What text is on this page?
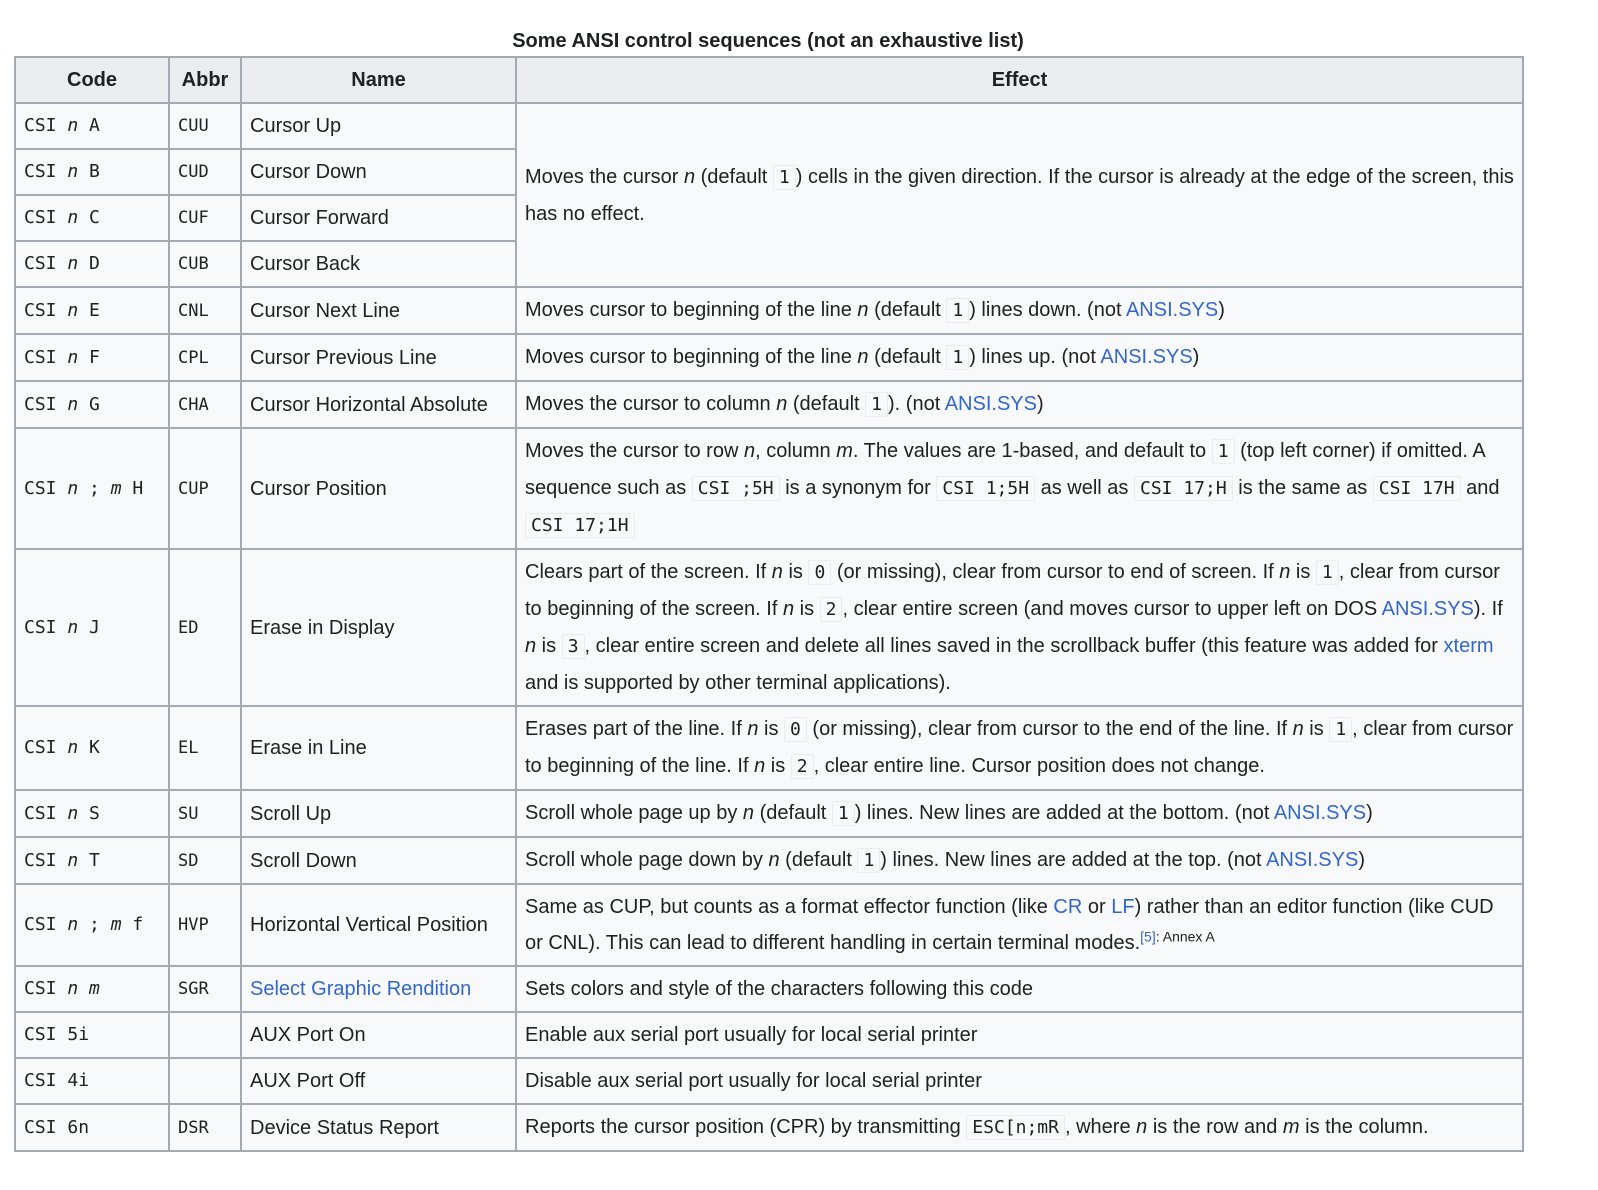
Some ANSI control sequences (not an exhaustive list)
Code	Abbr	Name	Effect
CSI n A	CUU	Cursor Up	Moves the cursor n (default 1 ) cells in the given direction. If the cursor is already at the edge of the screen, this has no effect.
CSI n B	CUD	Cursor Down	
CSI n C	CUF	Cursor Forward	
CSI n D	CUB	Cursor Back	
CSI n E	CNL	Cursor Next Line	Moves cursor to beginning of the line n (default 1 ) lines down. (not ANSI.SYS)
CSI n F	CPL	Cursor Previous Line	Moves cursor to beginning of the line n (default 1 ) lines up. (not ANSI.SYS)
CSI n G	CHA	Cursor Horizontal Absolute	Moves the cursor to column n (default 1 ). (not ANSI.SYS)
CSI n ; m H	CUP	Cursor Position	Moves the cursor to row n, column m. The values are 1-based, and default to 1 (top left corner) if omitted. A sequence such as CSI ;5H is a synonym for CSI 1;5H as well as CSI 17;H is the same as CSI 17H and CSI 17;1H
CSI n J	ED	Erase in Display	Clears part of the screen. If n is 0 (or missing), clear from cursor to end of screen. If n is 1 , clear from cursor to beginning of the screen. If n is 2 , clear entire screen (and moves cursor to upper left on DOS ANSI.SYS). If n is 3 , clear entire screen and delete all lines saved in the scrollback buffer (this feature was added for xterm and is supported by other terminal applications).
CSI n K	EL	Erase in Line	Erases part of the line. If n is 0 (or missing), clear from cursor to the end of the line. If n is 1 , clear from cursor to beginning of the line. If n is 2 , clear entire line. Cursor position does not change.
CSI n S	SU	Scroll Up	Scroll whole page up by n (default 1 ) lines. New lines are added at the bottom. (not ANSI.SYS)
CSI n T	SD	Scroll Down	Scroll whole page down by n (default 1 ) lines. New lines are added at the top. (not ANSI.SYS)
CSI n ; m f	HVP	Horizontal Vertical Position	Same as CUP, but counts as a format effector function (like CR or LF) rather than an editor function (like CUD or CNL). This can lead to different handling in certain terminal modes.$^{[5]: Annex A}$
CSI n m	SGR	Select Graphic Rendition	Sets colors and style of the characters following this code
CSI 5i		AUX Port On	Enable aux serial port usually for local serial printer
CSI 4i		AUX Port Off	Disable aux serial port usually for local serial printer
CSI 6n	DSR	Device Status Report	Reports the cursor position (CPR) by transmitting ESC[n;mR , where n is the row and m is the column.
